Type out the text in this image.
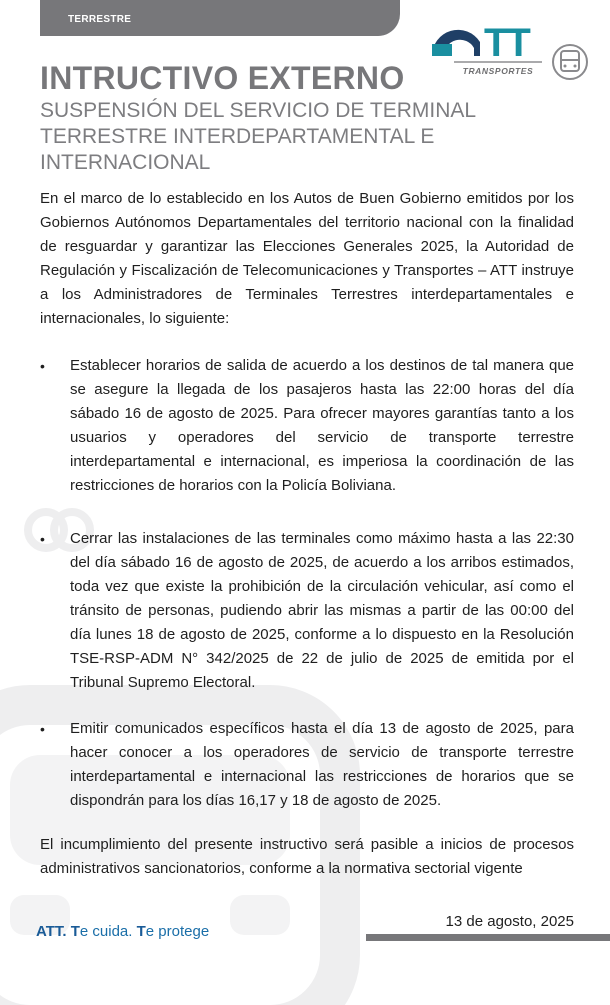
TERRESTRE
TT
TRANSPORTES
INTRUCTIVO EXTERNO
SUSPENSIÓN DEL SERVICIO DE TERMINAL
TERRESTRE INTERDEPARTAMENTAL E
INTERNACIONAL

En el marco de lo establecido en los Autos de Buen Gobierno emitidos por los Gobiernos Autónomos Departamentales del territorio nacional con la finalidad de resguardar y garantizar las Elecciones Generales 2025, la Autoridad de Regulación y Fiscalización de Telecomunicaciones y Transportes – ATT instruye a los Administradores de Terminales Terrestres interdepartamentales e internacionales, lo siguiente:

• Establecer horarios de salida de acuerdo a los destinos de tal manera que se asegure la llegada de los pasajeros hasta las 22:00 horas del día sábado 16 de agosto de 2025. Para ofrecer mayores garantías tanto a los usuarios y operadores del servicio de transporte terrestre interdepartamental e internacional, es imperiosa la coordinación de las restricciones de horarios con la Policía Boliviana.
• Cerrar las instalaciones de las terminales como máximo hasta a las 22:30 del día sábado 16 de agosto de 2025, de acuerdo a los arribos estimados, toda vez que existe la prohibición de la circulación vehicular, así como el tránsito de personas, pudiendo abrir las mismas a partir de las 00:00 del día lunes 18 de agosto de 2025, conforme a lo dispuesto en la Resolución TSE-RSP-ADM N° 342/2025 de 22 de julio de 2025 de emitida por el Tribunal Supremo Electoral.
• Emitir comunicados específicos hasta el día 13 de agosto de 2025, para hacer conocer a los operadores de servicio de transporte terrestre interdepartamental e internacional las restricciones de horarios que se dispondrán para los días 16,17 y 18 de agosto de 2025.

El incumplimiento del presente instructivo será pasible a inicios de procesos administrativos sancionatorios, conforme a la normativa sectorial vigente

ATT. Te cuida. Te protege
13 de agosto, 2025
